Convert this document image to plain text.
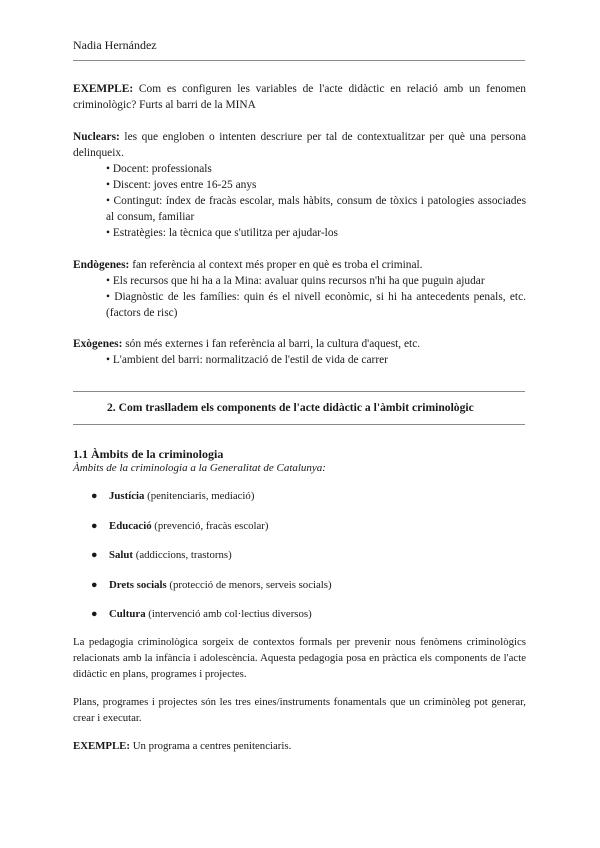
Nadia Hernández
EXEMPLE: Com es configuren les variables de l'acte didàctic en relació amb un fenomen criminològic? Furts al barri de la MINA
Nuclears: les que engloben o intenten descriure per tal de contextualitzar per què una persona delinqueix.
• Docent: professionals
• Discent: joves entre 16-25 anys
• Contingut: índex de fracàs escolar, mals hàbits, consum de tòxics i patologies associades al consum, familiar
• Estratègies: la tècnica que s'utilitza per ajudar-los
Endògenes: fan referència al context més proper en què es troba el criminal.
• Els recursos que hi ha a la Mina: avaluar quins recursos n'hi ha que puguin ajudar
• Diagnòstic de les famílies: quin és el nivell econòmic, si hi ha antecedents penals, etc. (factors de risc)
Exògenes: són més externes i fan referència al barri, la cultura d'aquest, etc.
• L'ambient del barri: normalització de l'estil de vida de carrer
2. Com traslladem els components de l'acte didàctic a l'àmbit criminològic
1.1 Àmbits de la criminologia
Àmbits de la criminologia a la Generalitat de Catalunya:
● Justícia (penitenciaris, mediació)
● Educació (prevenció, fracàs escolar)
● Salut (addiccions, trastorns)
● Drets socials (protecció de menors, serveis socials)
● Cultura (intervenció amb col·lectius diversos)
La pedagogia criminològica sorgeix de contextos formals per prevenir nous fenòmens criminològics relacionats amb la infància i adolescència. Aquesta pedagogia posa en pràctica els components de l'acte didàctic en plans, programes i projectes.
Plans, programes i projectes són les tres eines/instruments fonamentals que un criminòleg pot generar, crear i executar.
EXEMPLE: Un programa a centres penitenciaris.
